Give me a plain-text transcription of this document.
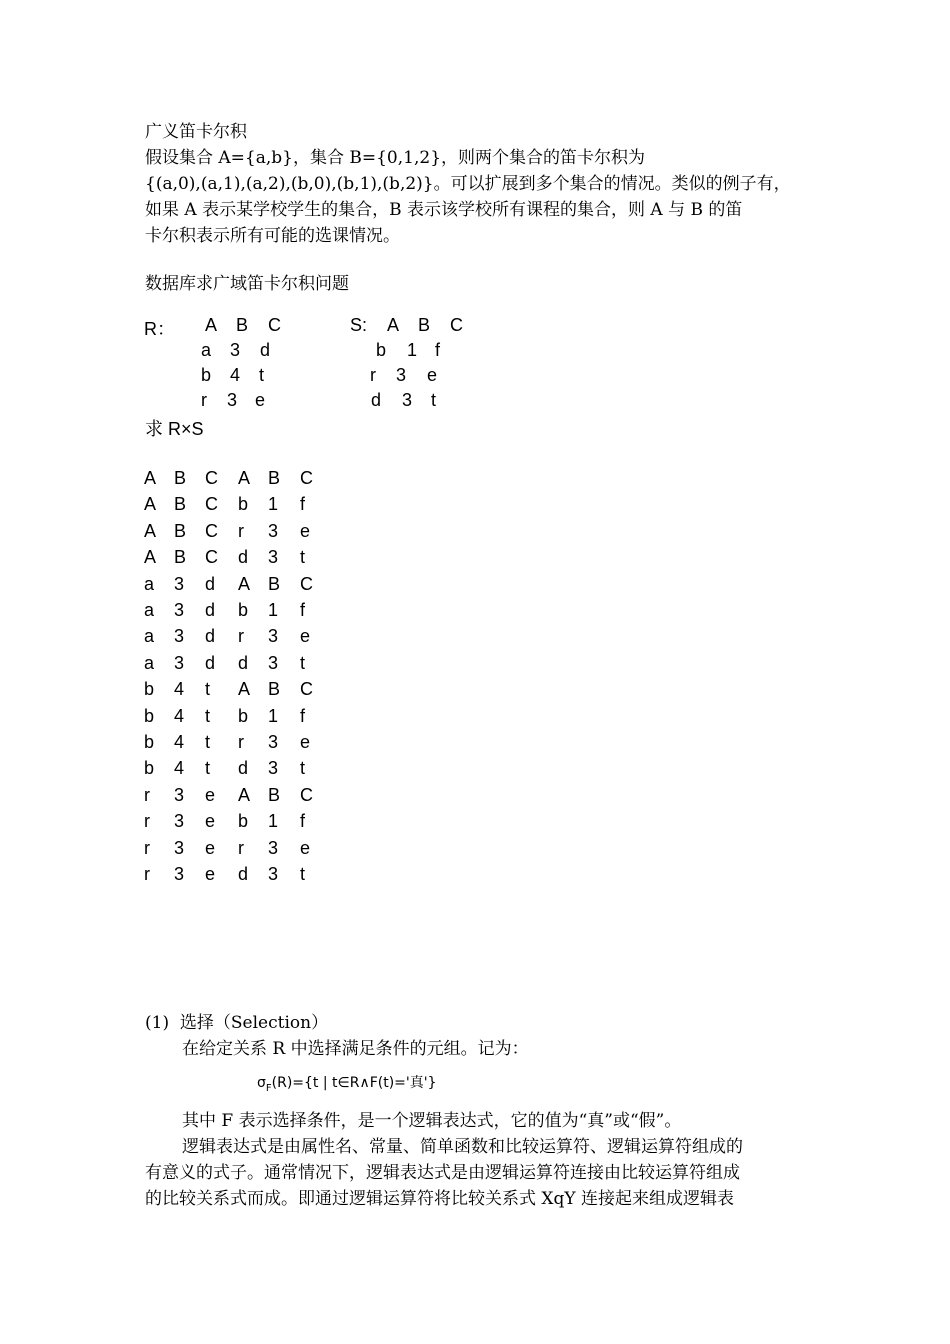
广义笛卡尔积
假设集合 A={a,b}，集合 B={0,1,2}，则两个集合的笛卡尔积为
{(a,0),(a,1),(a,2),(b,0),(b,1),(b,2)}。可以扩展到多个集合的情况。类似的例子有，
如果 A 表示某学校学生的集合，B 表示该学校所有课程的集合，则 A 与 B 的笛
卡尔积表示所有可能的选课情况。
数据库求广域笛卡尔积问题
R： A B C
a 3 d
b 4 t
r 3 e
S: A B C
b 1 f
r 3 e
d 3 t
求 R×S
A B C A B C
A B C b 1 f
A B C r 3 e
A B C d 3 t
a 3 d A B C
a 3 d b 1 f
a 3 d r 3 e
a 3 d d 3 t
b 4 t A B C
b 4 t b 1 f
b 4 t r 3 e
b 4 t d 3 t
r 3 e A B C
r 3 e b 1 f
r 3 e r 3 e
r 3 e d 3 t
(1)  选择（Selection）
在给定关系 R 中选择满足条件的元组。记为：
$\sigma_F(R)=\{t$ | t∈R∧F(t)='真'}
其中 F 表示选择条件，是一个逻辑表达式，它的值为“真”或“假”。
逻辑表达式是由属性名、常量、简单函数和比较运算符、逻辑运算符组成的
有意义的式子。通常情况下，逻辑表达式是由逻辑运算符连接由比较运算符组成
的比较关系式而成。即通过逻辑运算符将比较关系式 XqY 连接起来组成逻辑表
